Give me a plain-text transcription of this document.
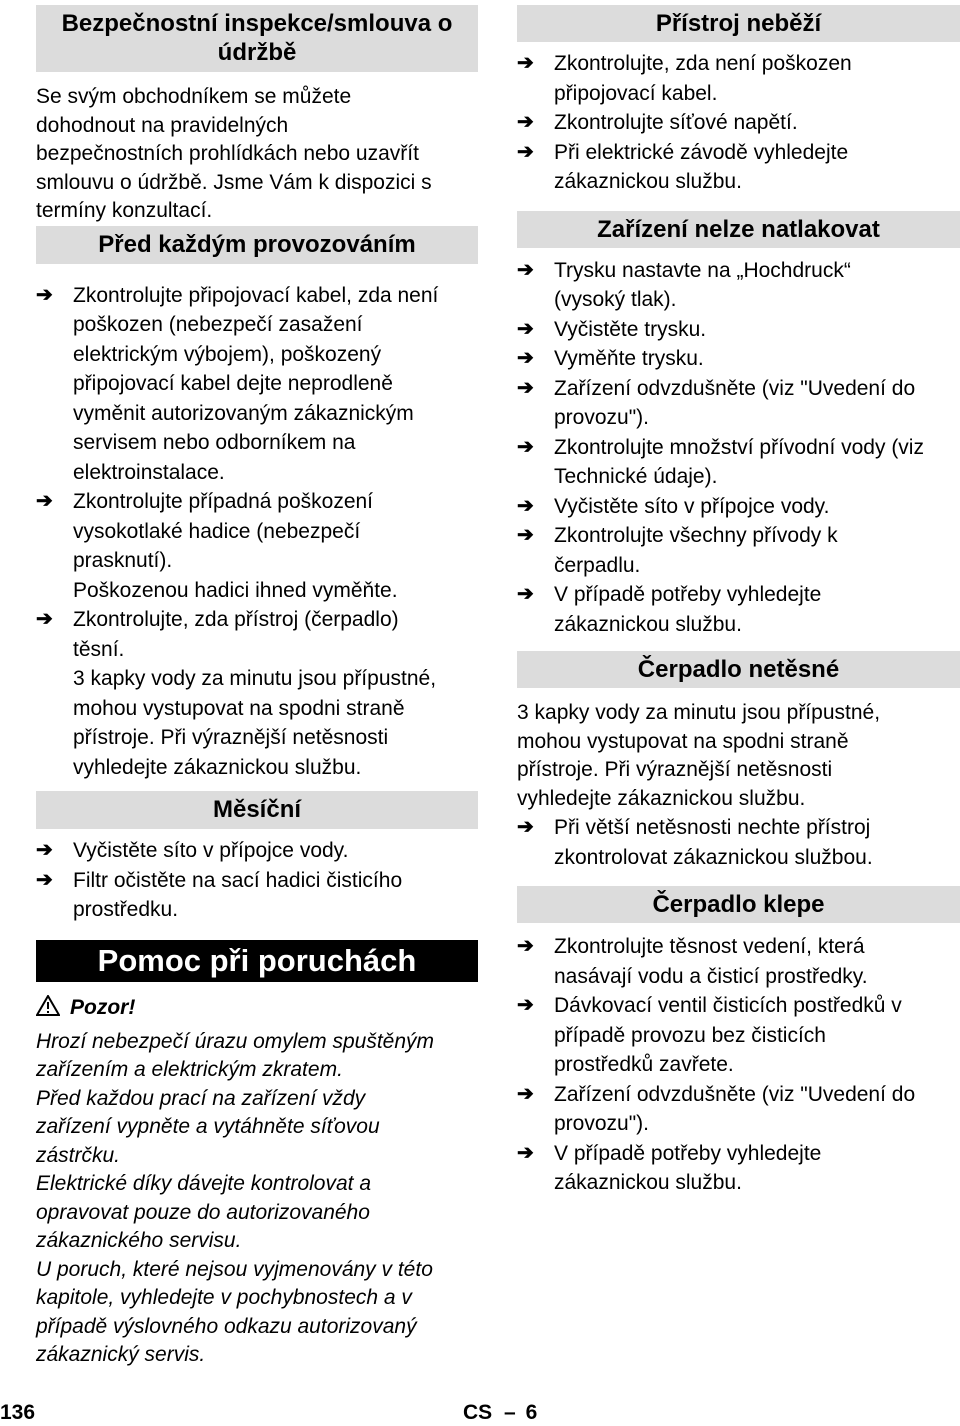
Bezpečnostní inspekce/smlouva o údržbě

Se svým obchodníkem se můžete

dohodnout na pravidelných

bezpečnostních prohlídkách nebo uzavřít

smlouvu o údržbě. Jsme Vám k dispozici s

termíny konzultací.

Před každým provozováním
➔ Zkontrolujte připojovací kabel, zda není
poškozen (nebezpečí zasažení
elektrickým výbojem), poškozený
připojovací kabel dejte neprodleně
vyměnit autorizovaným zákaznickým
servisem nebo odborníkem na
elektroinstalace.
➔ Zkontrolujte případná poškození
vysokotlaké hadice (nebezpečí
prasknutí).
Poškozenou hadici ihned vyměňte.
➔ Zkontrolujte, zda přístroj (čerpadlo)
těsní.
3 kapky vody za minutu jsou přípustné,
mohou vystupovat na spodni straně
přístroje. Při výraznější netěsnosti
vyhledejte zákaznickou službu.
Měsíční
➔ Vyčistěte síto v přípojce vody.
➔ Filtr očistěte na sací hadici čisticího
prostředku.
Pomoc při poruchách
Pozor!

Hrozí nebezpečí úrazu omylem spuštěným

zařízením a elektrickým zkratem.

Před každou prací na zařízení vždy

zařízení vypněte a vytáhněte síťovou

zástrčku.

Elektrické díky dávejte kontrolovat a

opravovat pouze do autorizovaného

zákaznického servisu.

U poruch, které nejsou vyjmenovány v této

kapitole, vyhledejte v pochybnostech a v

případě výslovného odkazu autorizovaný

zákaznický servis.

Přístroj neběží
➔ Zkontrolujte, zda není poškozen
připojovací kabel.
➔ Zkontrolujte síťové napětí.
➔ Při elektrické závodě vyhledejte
zákaznickou službu.
Zařízení nelze natlakovat
➔ Trysku nastavte na „Hochdruck“
(vysoký tlak).
➔ Vyčistěte trysku.
➔ Vyměňte trysku.
➔ Zařízení odvzdušněte (viz "Uvedení do
provozu").
➔ Zkontrolujte množství přívodní vody (viz
Technické údaje).
➔ Vyčistěte síto v přípojce vody.
➔ Zkontrolujte všechny přívody k
čerpadlu.
➔ V případě potřeby vyhledejte
zákaznickou službu.
Čerpadlo netěsné

3 kapky vody za minutu jsou přípustné,

mohou vystupovat na spodni straně

přístroje. Při výraznější netěsnosti

vyhledejte zákaznickou službu.

➔ Při větší netěsnosti nechte přístroj
zkontrolovat zákaznickou službou.
Čerpadlo klepe
➔ Zkontrolujte těsnost vedení, která
nasávají vodu a čisticí prostředky.
➔ Dávkovací ventil čisticích postředků v
případě provozu bez čisticích
prostředků zavřete.
➔ Zařízení odvzdušněte (viz "Uvedení do
provozu").
➔ V případě potřeby vyhledejte
zákaznickou službu.
136	CS – 6
